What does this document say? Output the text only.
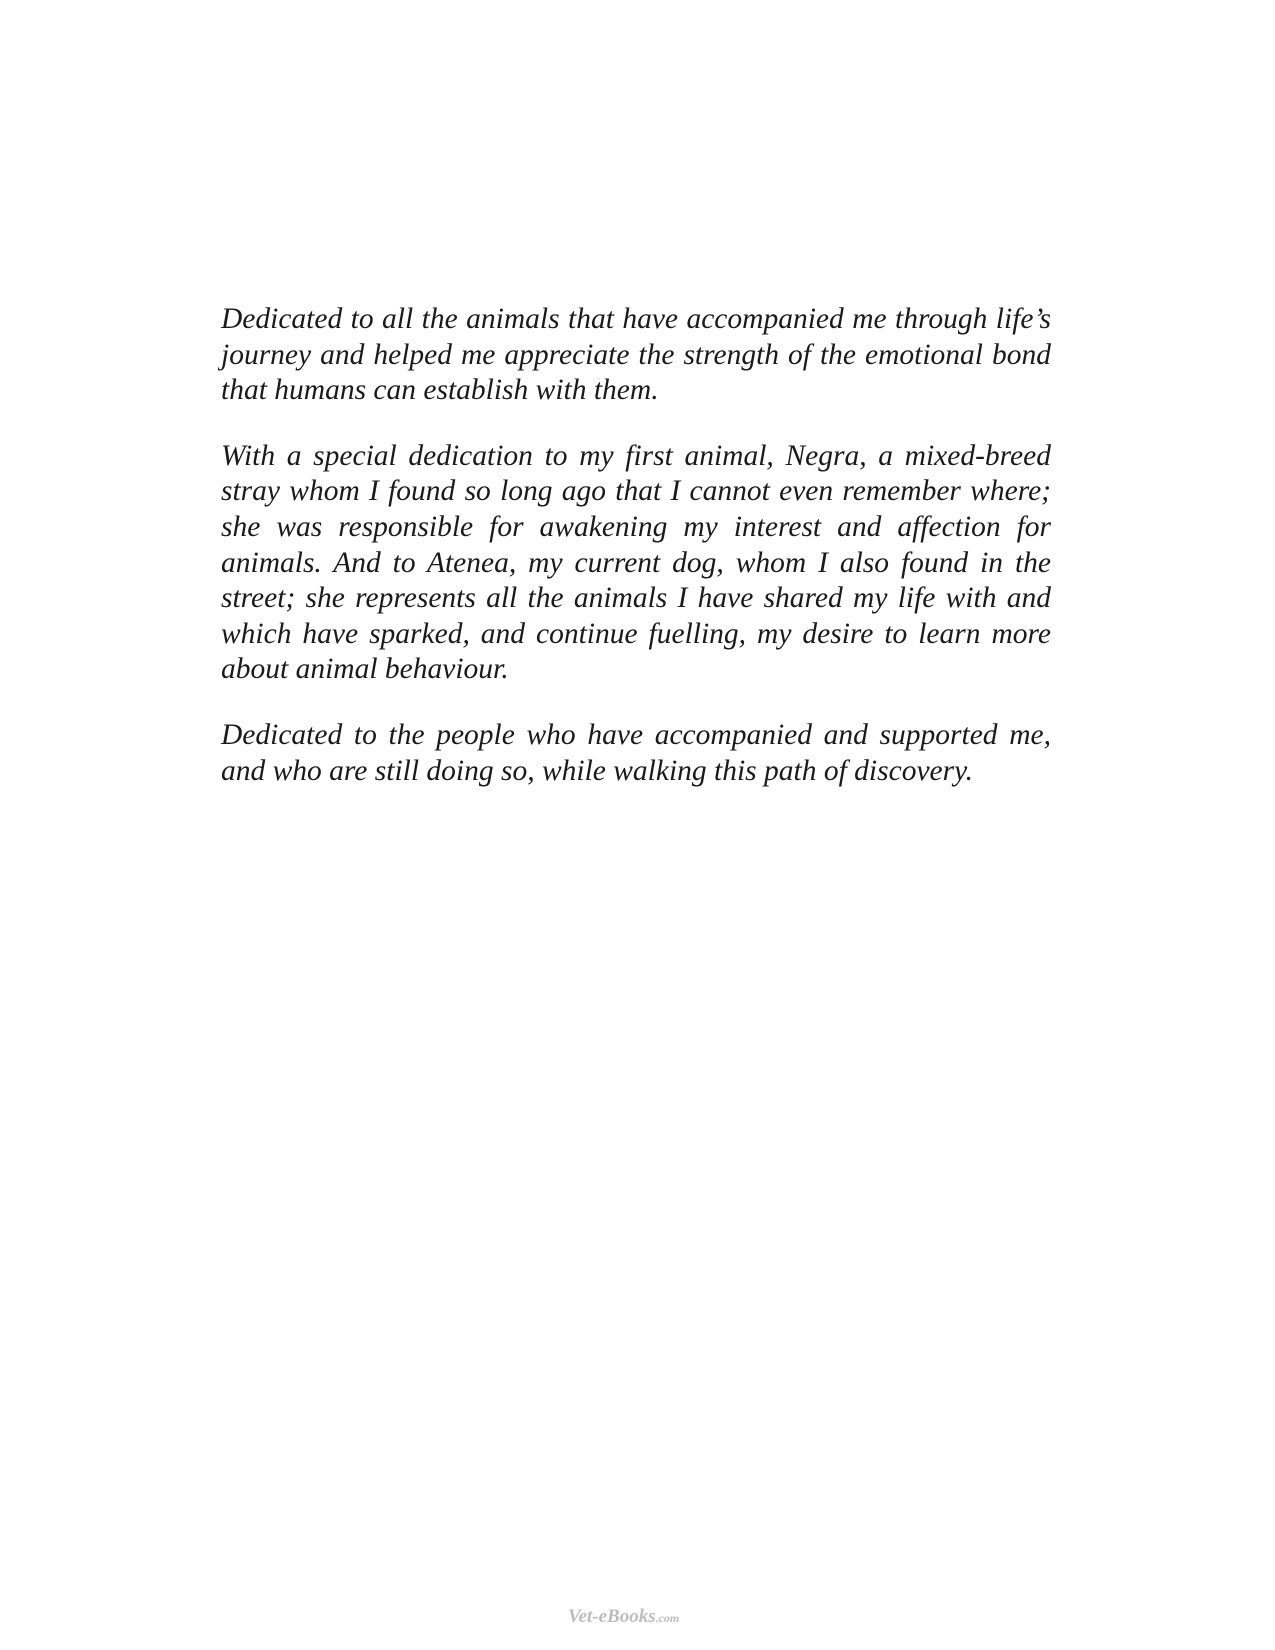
Dedicated to all the animals that have accompanied me through life’s journey and helped me appreciate the strength of the emotional bond that humans can establish with them.

With a special dedication to my first animal, Negra, a mixed-breed stray whom I found so long ago that I cannot even remember where; she was responsible for awakening my interest and affection for animals. And to Atenea, my current dog, whom I also found in the street; she represents all the animals I have shared my life with and which have sparked, and continue fuelling, my desire to learn more about animal behaviour.

Dedicated to the people who have accompanied and supported me, and who are still doing so, while walking this path of discovery.

Vet-eBooks.com
